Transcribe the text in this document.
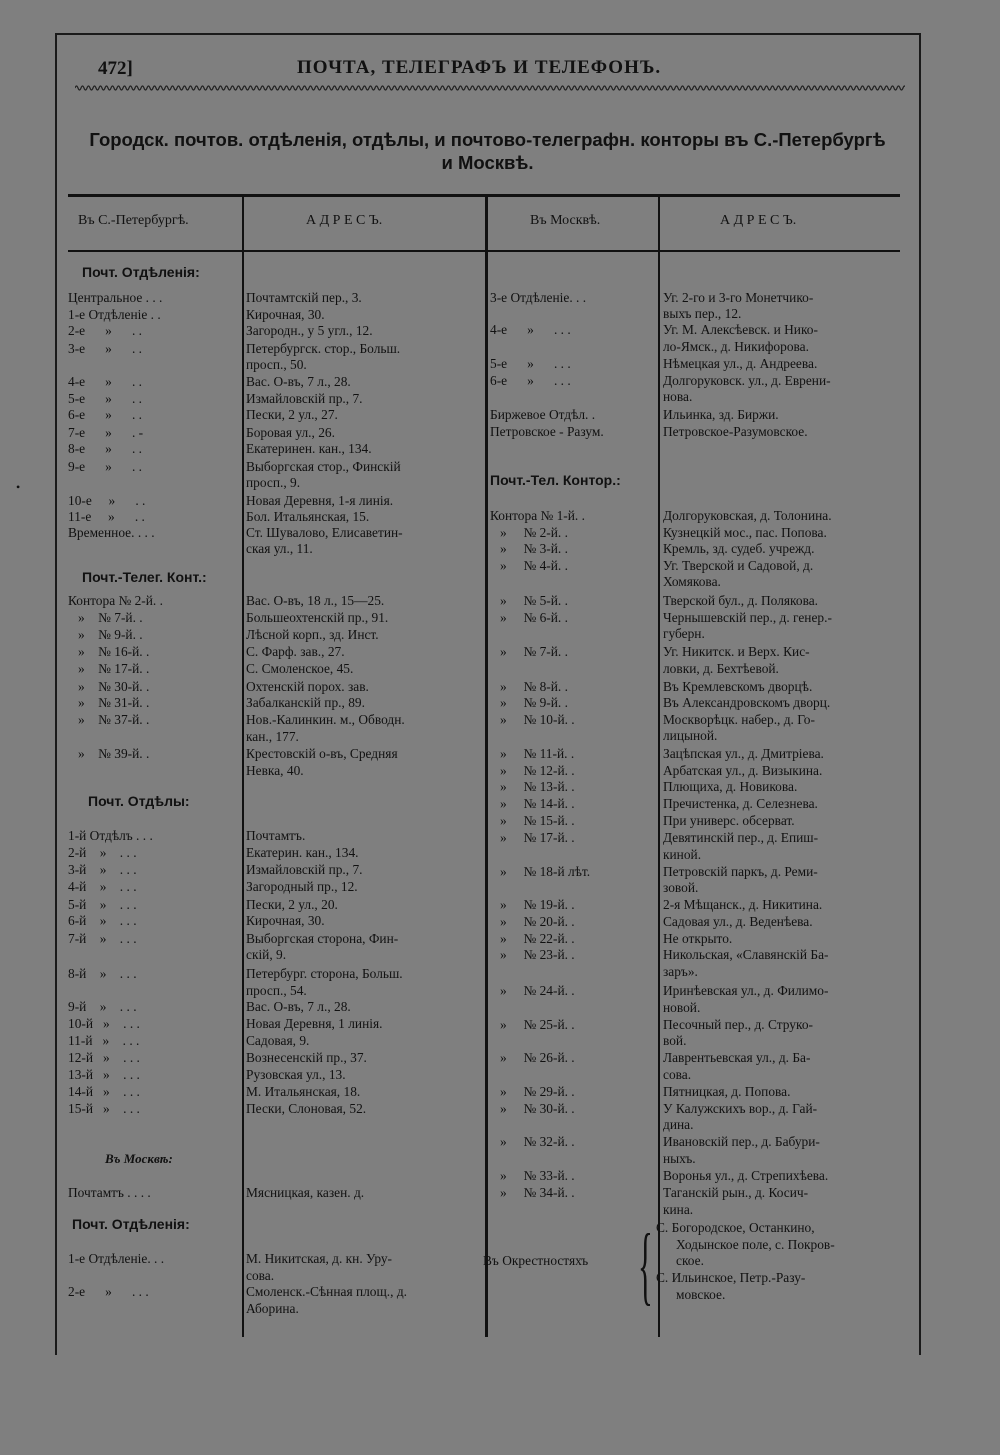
472]	ПОЧТА, ТЕЛЕГРАФЪ И ТЕЛЕФОНЪ.
Городск. почтов. отдѣленія, отдѣлы, и почтово-телеграфн. конторы въ С.-Петербургѣ
и Москвѣ.
Въ С.-Петербургѣ.	А Д Р Е С Ъ.	Въ Москвѣ.	А Д Р Е С Ъ.
Почт. Отдѣленія:
Центральное . . .	Почтамтскій пер., 3.
1-е Отдѣленіе . .	Кирочная, 30.
2-е      »      . .	Загородн., у 5 угл., 12.
3-е      »      . .	Петербургск. стор., Больш.
просп., 50.
4-е      »      . .	Вас. О-въ, 7 л., 28.
5-е      »      . .	Измайловскій пр., 7.
6-е      »      . .	Пески, 2 ул., 27.
7-е      »      . -	Боровая ул., 26.
8-е      »      . .	Екатеринен. кан., 134.
9-е      »      . .	Выборгская стор., Финскій
просп., 9.
10-е     »      . .	Новая Деревня, 1-я линія.
11-е     »      . .	Бол. Итальянская, 15.
Временное. . . .	Ст. Шувалово, Елисаветин-
ская ул., 11.
Почт.-Телег. Конт.:
Контора № 2-й. .	Вас. О-въ, 18 л., 15—25.
»    № 7-й. .	Большеохтенскій пр., 91.
»    № 9-й. .	Лѣсной корп., зд. Инст.
»    № 16-й. .	С. Фарф. зав., 27.
»    № 17-й. .	С. Смоленское, 45.
»    № 30-й. .	Охтенскій порох. зав.
»    № 31-й. .	Забалканскій пр., 89.
»    № 37-й. .	Нов.-Калинкин. м., Обводн.
кан., 177.
»    № 39-й. .	Крестовскій о-въ, Средняя
Невка, 40.
Почт. Отдѣлы:
1-й Отдѣлъ . . .	Почтамтъ.
2-й    »    . . .	Екатерин. кан., 134.
3-й    »    . . .	Измайловскій пр., 7.
4-й    »    . . .	Загородный пр., 12.
5-й    »    . . .	Пески, 2 ул., 20.
6-й    »    . . .	Кирочная, 30.
7-й    »    . . .	Выборгская сторона, Фин-
скій, 9.
8-й    »    . . .	Петербург. сторона, Больш.
просп., 54.
9-й    »    . . .	Вас. О-въ, 7 л., 28.
10-й   »    . . .	Новая Деревня, 1 линія.
11-й   »    . . .	Садовая, 9.
12-й   »    . . .	Вознесенскій пр., 37.
13-й   »    . . .	Рузовская ул., 13.
14-й   »    . . .	М. Итальянская, 18.
15-й   »    . . .	Пески, Слоновая, 52.
Въ Москвѣ:
Почтамтъ . . . .	Мясницкая, казен. д.
Почт. Отдѣленія:
1-е Отдѣленіе. . .	М. Никитская, д. кн. Уру-
сова.
2-е      »      . . .	Смоленск.-Сѣнная площ., д.
Аборина.
3-е Отдѣленіе. . .	Уг. 2-го и 3-го Монетчико-
выхъ пер., 12.
4-е      »      . . .	Уг. М. Алексѣевск. и Нико-
ло-Ямск., д. Никифорова.
5-е      »      . . .	Нѣмецкая ул., д. Андреева.
6-е      »      . . .	Долгоруковск. ул., д. Еврени-
нова.
Биржевое Отдѣл. .	Ильинка, зд. Биржи.
Петровское - Разум.	Петровское-Разумовское.
Почт.-Тел. Контор.:
Контора № 1-й. .	Долгоруковская, д. Толонина.
»     № 2-й. .	Кузнецкій мос., пас. Попова.
»     № 3-й. .	Кремль, зд. судеб. учрежд.
»     № 4-й. .	Уг. Тверской и Садовой, д.
Хомякова.
»     № 5-й. .	Тверской бул., д. Полякова.
»     № 6-й. .	Чернышевскій пер., д. генер.-
губерн.
»     № 7-й. .	Уг. Никитск. и Верх. Кис-
ловки, д. Бехтѣевой.
»     № 8-й. .	Въ Кремлевскомъ дворцѣ.
»     № 9-й. .	Въ Александровскомъ дворц.
»     № 10-й. .	Москворѣцк. набер., д. Го-
лицыной.
»     № 11-й. .	Зацѣпская ул., д. Дмитріева.
»     № 12-й. .	Арбатская ул., д. Визыкина.
»     № 13-й. .	Плющиха, д. Новикова.
»     № 14-й. .	Пречистенка, д. Селезнева.
»     № 15-й. .	При универс. обсерват.
»     № 17-й. .	Девятинскій пер., д. Епиш-
киной.
»     № 18-й лѣт.	Петровскій паркъ, д. Реми-
зовой.
»     № 19-й. .	2-я Мѣщанск., д. Никитина.
»     № 20-й. .	Садовая ул., д. Веденѣева.
»     № 22-й. .	Не открыто.
»     № 23-й. .	Никольская, «Славянскій Ба-
заръ».
»     № 24-й. .	Иринѣевская ул., д. Филимо-
новой.
»     № 25-й. .	Песочный пер., д. Струко-
вой.
»     № 26-й. .	Лаврентьевская ул., д. Ба-
сова.
»     № 29-й. .	Пятницкая, д. Попова.
»     № 30-й. .	У Калужскихъ вор., д. Гай-
дина.
»     № 32-й. .	Ивановскій пер., д. Бабури-
ныхъ.
»     № 33-й. .	Воронья ул., д. Стрепихѣева.
»     № 34-й. .	Таганскій рын., д. Косич-
кина.
Въ Окрестностяхъ { С. Богородское, Останкино,
Ходынское поле, с. Покров-
ское.
С. Ильинское, Петр.-Разу-
мовское.
•
